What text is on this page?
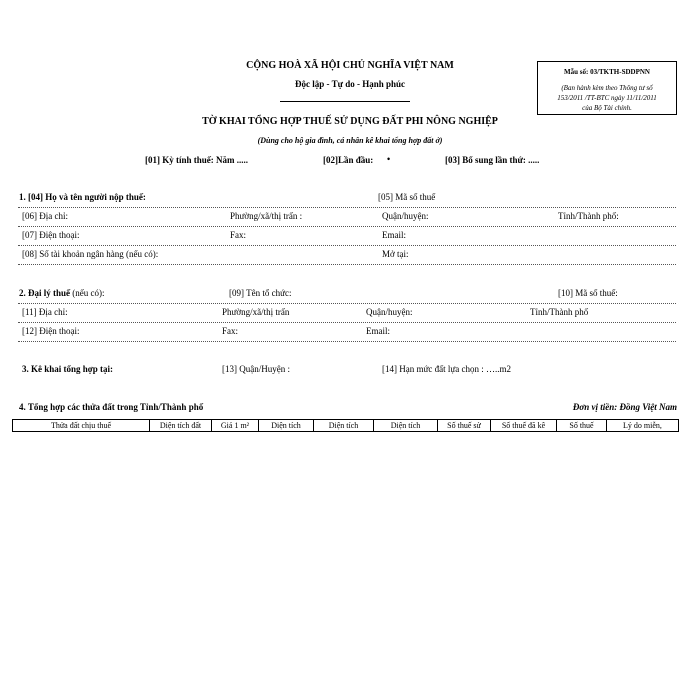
CỘNG HOÀ XÃ HỘI CHỦ NGHĨA VIỆT NAM
Độc lập - Tự do - Hạnh phúc
Mẫu số: 03/TKTH-SDDPNN
(Ban hành kèm theo Thông tư số
153/2011 /TT-BTC ngày 11/11/2011
của Bộ Tài chính.
TỜ KHAI TỔNG HỢP THUẾ SỬ DỤNG ĐẤT PHI NÔNG NGHIỆP
(Dùng cho hộ gia đình, cá nhân kê khai tổng hợp đất ở)
[01] Kỳ tính thuế: Năm .....	[02]Lần đầu: •	[03] Bổ sung lần thứ: .....
1. [04] Họ và tên người nộp thuế:	[05] Mã số thuế
[06] Địa chỉ:	Phường/xã/thị trấn :	Quận/huyện:	Tỉnh/Thành phố:
[07] Điện thoại:	Fax:	Email:
[08] Số tài khoản ngân hàng (nếu có):	Mở tại:
2. Đại lý thuế (nếu có):	[09] Tên tổ chức:	[10] Mã số thuế:
[11] Địa chỉ:	Phường/xã/thị trấn	Quận/huyện:	Tỉnh/Thành phố
[12] Điện thoại:	Fax:	Email:
3. Kê khai tổng hợp tại:	[13] Quận/Huyện :	[14] Hạn mức đất lựa chọn : …..m2
4. Tổng hợp các thửa đất trong Tỉnh/Thành phố	Đơn vị tiền: Đồng Việt Nam
Thửa đất chịu thuế	Diện tích đất	Giá 1 m²	Diện tích	Diện tích	Diện tích	Số thuế sử	Số thuế đã kê	Số thuế	Lý do miễn,
